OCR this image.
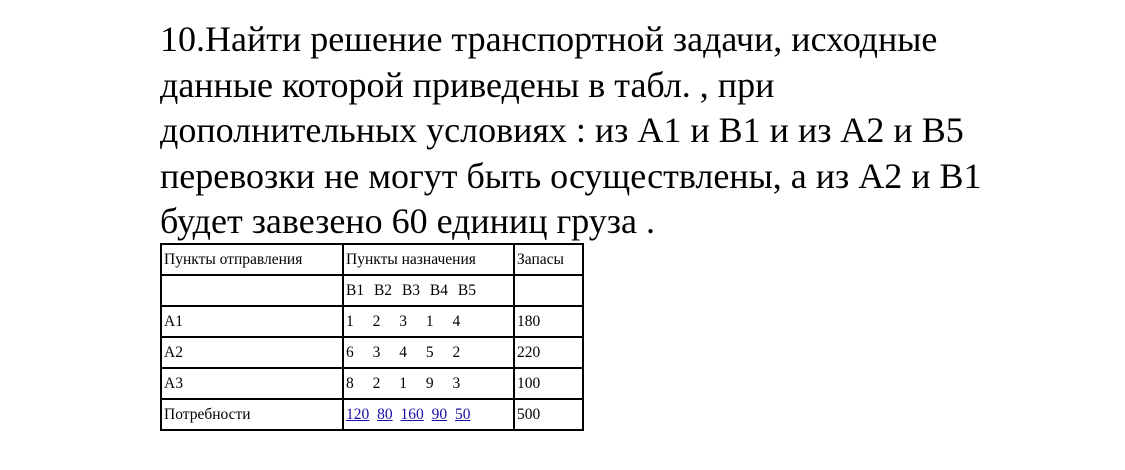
10.Найти решение транспортной задачи, исходные
данные которой приведены в табл. , при
дополнительных условиях : из А1 и В1 и из А2 и В5
перевозки не могут быть осуществлены, а из А2 и В1
будет завезено 60 единиц груза .
Пункты отправления	Пункты назначения	Запасы
	B1 B2 B3 B4 B5	
A1	1 2 3 1 4	180
A2	6 3 4 5 2	220
A3	8 2 1 9 3	100
Потребности	120 80 160 90 50	500
